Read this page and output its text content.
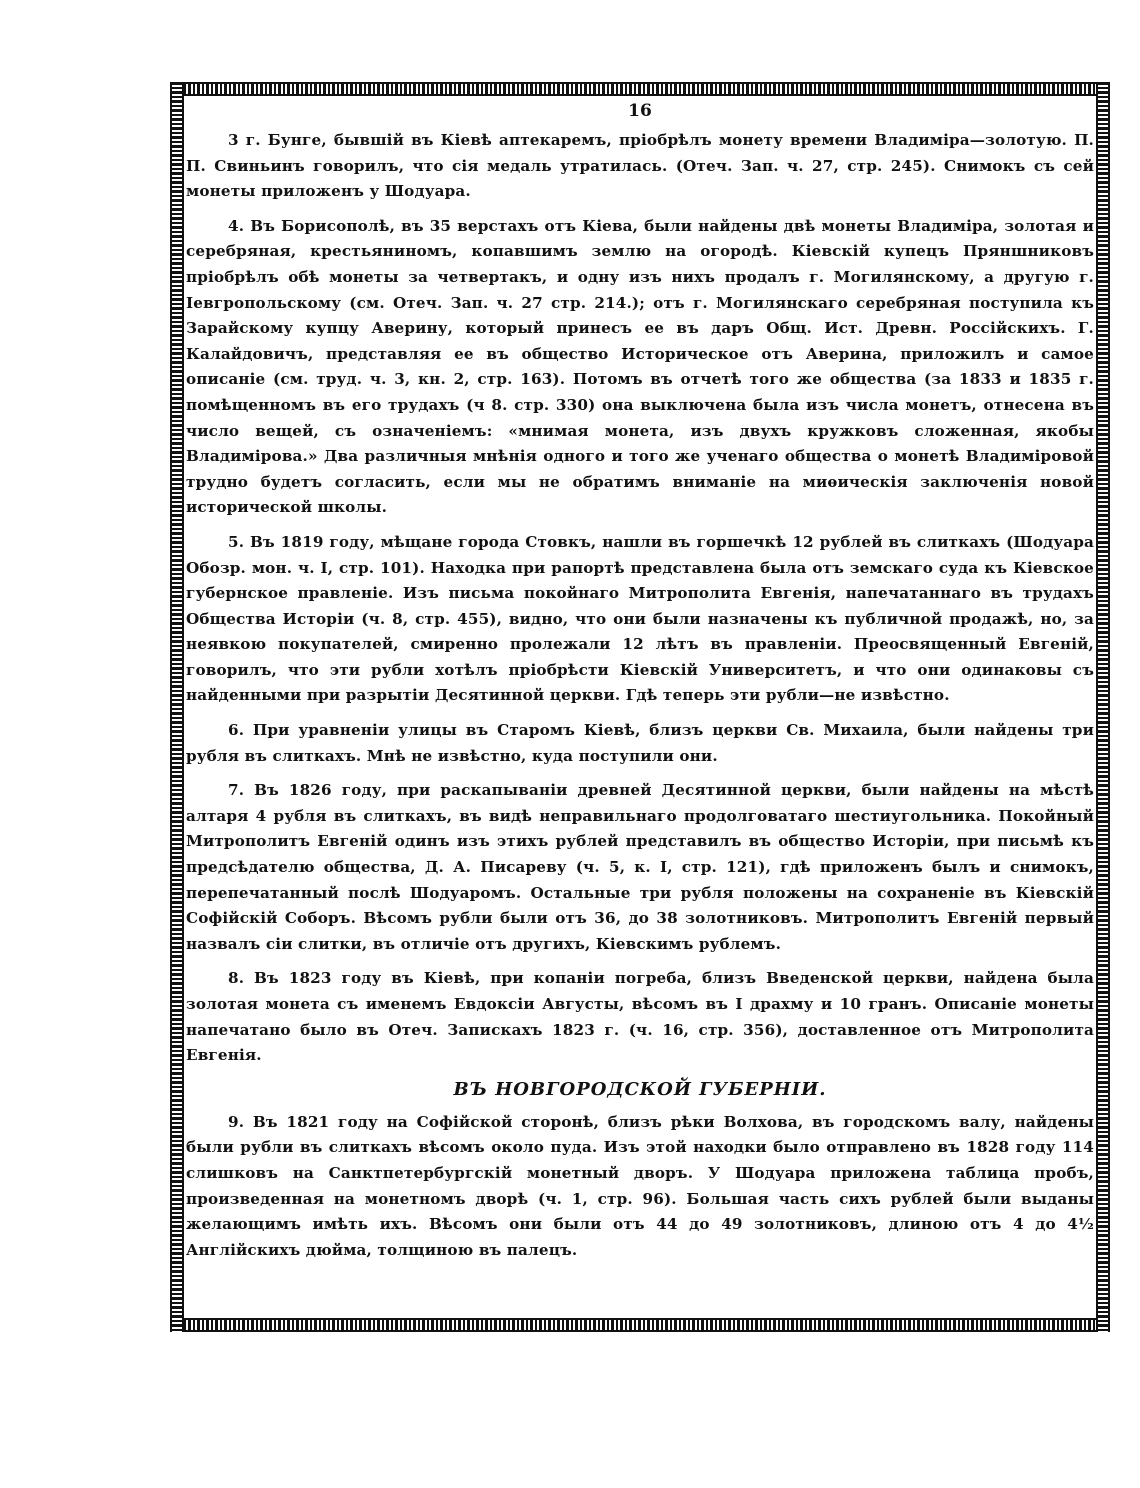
16

3 г. Бунге, бывшій въ Кіевѣ аптекаремъ, пріобрѣлъ монету времени Владиміра—золотую. П. П. Свиньинъ говорилъ, что сія медаль утратилась. (Отеч. Зап. ч. 27, стр. 245). Снимокъ съ сей монеты приложенъ у Шодуара.

4. Въ Борисополѣ, въ 35 верстахъ отъ Кіева, были найдены двѣ монеты Владиміра, золотая и серебряная, крестьяниномъ, копавшимъ землю на огородѣ. Кіевскій купецъ Пряншниковъ пріобрѣлъ обѣ монеты за четвертакъ, и одну изъ нихъ продалъ г. Могилянскому, а другую г. Іевгропольскому (см. Отеч. Зап. ч. 27 стр. 214.); отъ г. Могилянскаго серебряная поступила къ Зарайскому купцу Аверину, который принесъ ее въ даръ Общ. Ист. Древн. Россійскихъ. Г. Калайдовичъ, представляя ее въ общество Историческое отъ Аверина, приложилъ и самое описаніе (см. труд. ч. 3, кн. 2, стр. 163). Потомъ въ отчетѣ того же общества (за 1833 и 1835 г. помѣщенномъ въ его трудахъ (ч 8. стр. 330) она выключена была изъ числа монетъ, отнесена въ число вещей, съ означеніемъ: «мнимая монета, изъ двухъ кружковъ сложенная, якобы Владимірова.» Два различныя мнѣнія одного и того же ученаго общества о монетѣ Владиміровой трудно будетъ согласить, если мы не обратимъ вниманіе на миѳическія заключенія новой исторической школы.

5. Въ 1819 году, мѣщане города Стовкъ, нашли въ горшечкѣ 12 рублей въ слиткахъ (Шодуара Обозр. мон. ч. I, стр. 101). Находка при рапортѣ представлена была отъ земскаго суда къ Кіевское губернское правленіе. Изъ письма покойнаго Митрополита Евгенія, напечатаннаго въ трудахъ Общества Исторіи (ч. 8, стр. 455), видно, что они были назначены къ публичной продажѣ, но, за неявкою покупателей, смиренно пролежали 12 лѣтъ въ правленіи. Преосвященный Евгеній, говорилъ, что эти рубли хотѣлъ пріобрѣсти Кіевскій Университетъ, и что они одинаковы съ найденными при разрытіи Десятинной церкви. Гдѣ теперь эти рубли—не извѣстно.

6. При уравненіи улицы въ Старомъ Кіевѣ, близъ церкви Св. Михаила, были найдены три рубля въ слиткахъ. Мнѣ не извѣстно, куда поступили они.

7. Въ 1826 году, при раскапываніи древней Десятинной церкви, были найдены на мѣстѣ алтаря 4 рубля въ слиткахъ, въ видѣ неправильнаго продолговатаго шестиугольника. Покойный Митрополитъ Евгеній одинъ изъ этихъ рублей представилъ въ общество Исторіи, при письмѣ къ предсѣдателю общества, Д. А. Писареву (ч. 5, к. I, стр. 121), гдѣ приложенъ былъ и снимокъ, перепечатанный послѣ Шодуаромъ. Остальные три рубля положены на сохраненіе въ Кіевскій Софійскій Соборъ. Вѣсомъ рубли были отъ 36, до 38 золотниковъ. Митрополитъ Евгеній первый назвалъ сіи слитки, въ отличіе отъ другихъ, Кіевскимъ рублемъ.

8. Въ 1823 году въ Кіевѣ, при копаніи погреба, близъ Введенской церкви, найдена была золотая монета съ именемъ Евдоксіи Августы, вѣсомъ въ I драхму и 10 гранъ. Описаніе монеты напечатано было въ Отеч. Запискахъ 1823 г. (ч. 16, стр. 356), доставленное отъ Митрополита Евгенія.

ВЪ НОВГОРОДСКОЙ ГУБЕРНІИ.

9. Въ 1821 году на Софійской сторонѣ, близъ рѣки Волхова, въ городскомъ валу, найдены были рубли въ слиткахъ вѣсомъ около пуда. Изъ этой находки было отправлено въ 1828 году 114 слишковъ на Санктпетербургскій монетный дворъ. У Шодуара приложена таблица пробъ, произведенная на монетномъ дворѣ (ч. 1, стр. 96). Большая часть сихъ рублей были выданы желающимъ имѣть ихъ. Вѣсомъ они были отъ 44 до 49 золотниковъ, длиною отъ 4 до 4½ Англійскихъ дюйма, толщиною въ палецъ.
